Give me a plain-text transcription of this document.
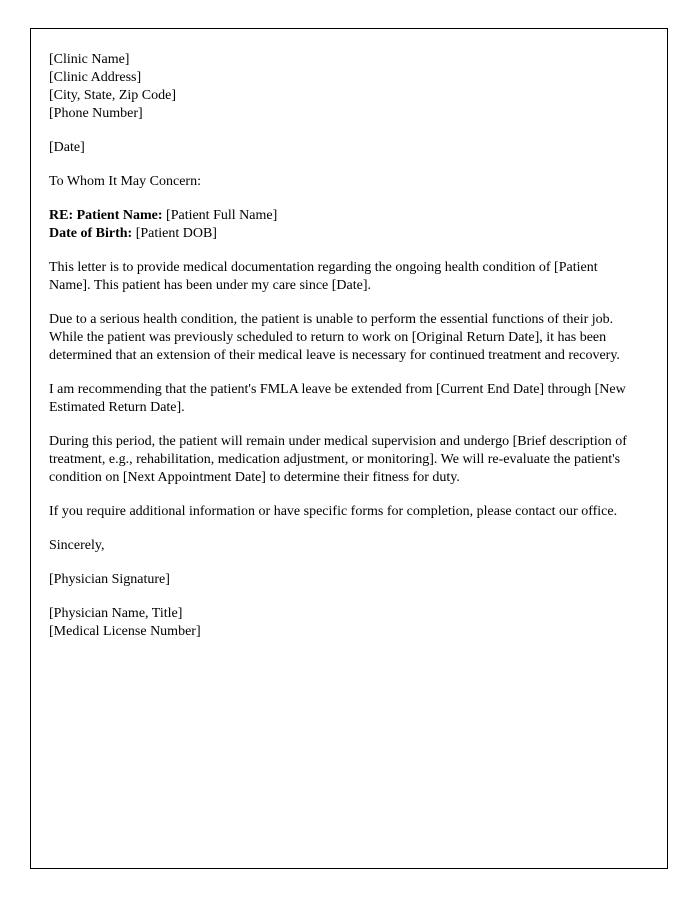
[Clinic Name]
[Clinic Address]
[City, State, Zip Code]
[Phone Number]
[Date]
To Whom It May Concern:
RE: Patient Name: [Patient Full Name]
Date of Birth: [Patient DOB]

This letter is to provide medical documentation regarding the ongoing health condition of [Patient Name]. This patient has been under my care since [Date].

Due to a serious health condition, the patient is unable to perform the essential functions of their job. While the patient was previously scheduled to return to work on [Original Return Date], it has been determined that an extension of their medical leave is necessary for continued treatment and recovery.

I am recommending that the patient's FMLA leave be extended from [Current End Date] through [New Estimated Return Date].

During this period, the patient will remain under medical supervision and undergo [Brief description of treatment, e.g., rehabilitation, medication adjustment, or monitoring]. We will re-evaluate the patient's condition on [Next Appointment Date] to determine their fitness for duty.

If you require additional information or have specific forms for completion, please contact our office.

Sincerely,

[Physician Signature]

[Physician Name, Title]
[Medical License Number]
